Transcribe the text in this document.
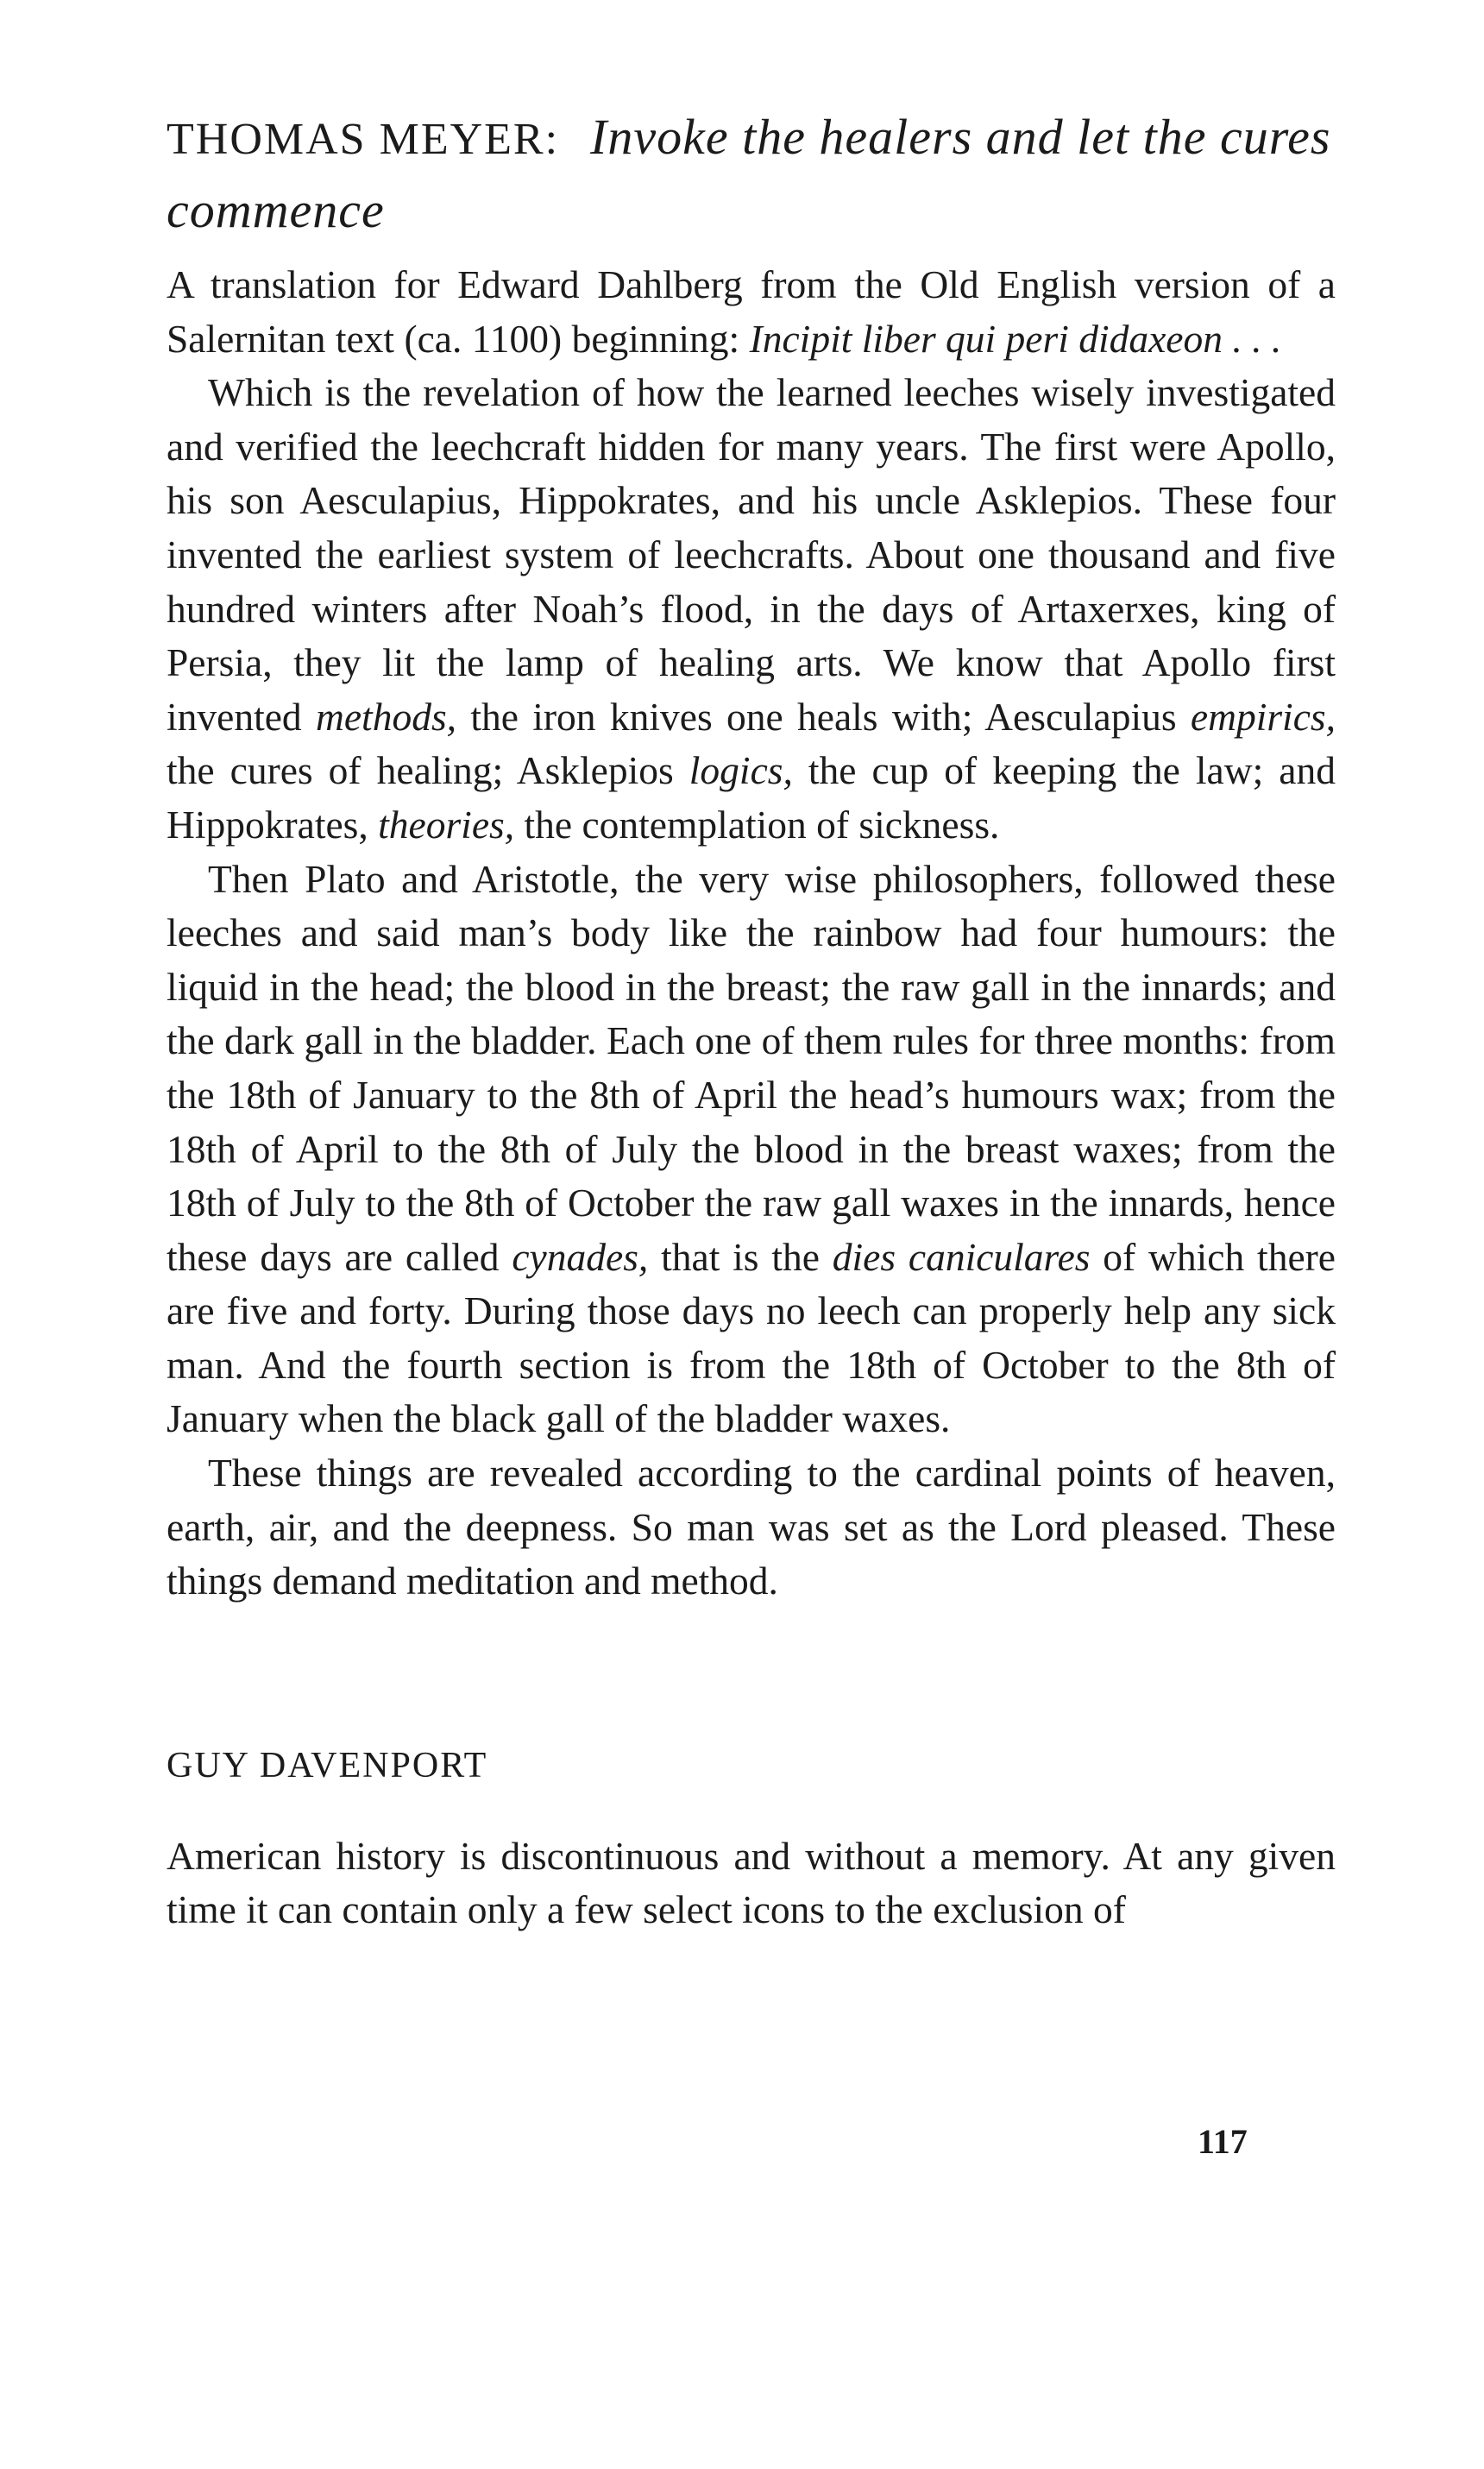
THOMAS MEYER: Invoke the healers and let the cures commence

A translation for Edward Dahlberg from the Old English version of a Salernitan text (ca. 1100) beginning: Incipit liber qui peri didaxeon . . .

Which is the revelation of how the learned leeches wisely investigated and verified the leechcraft hidden for many years. The first were Apollo, his son Aesculapius, Hippokrates, and his uncle Asklepios. These four invented the earliest system of leechcrafts. About one thousand and five hundred winters after Noah’s flood, in the days of Artaxerxes, king of Persia, they lit the lamp of healing arts. We know that Apollo first invented methods, the iron knives one heals with; Aesculapius empirics, the cures of healing; Asklepios logics, the cup of keeping the law; and Hippokrates, theories, the contemplation of sickness.

Then Plato and Aristotle, the very wise philosophers, followed these leeches and said man’s body like the rainbow had four humours: the liquid in the head; the blood in the breast; the raw gall in the innards; and the dark gall in the bladder. Each one of them rules for three months: from the 18th of January to the 8th of April the head’s humours wax; from the 18th of April to the 8th of July the blood in the breast waxes; from the 18th of July to the 8th of October the raw gall waxes in the innards, hence these days are called cynades, that is the dies caniculares of which there are five and forty. During those days no leech can properly help any sick man. And the fourth section is from the 18th of October to the 8th of January when the black gall of the bladder waxes.

These things are revealed according to the cardinal points of heaven, earth, air, and the deepness. So man was set as the Lord pleased. These things demand meditation and method.

GUY DAVENPORT

American history is discontinuous and without a memory. At any given time it can contain only a few select icons to the exclusion of

117
